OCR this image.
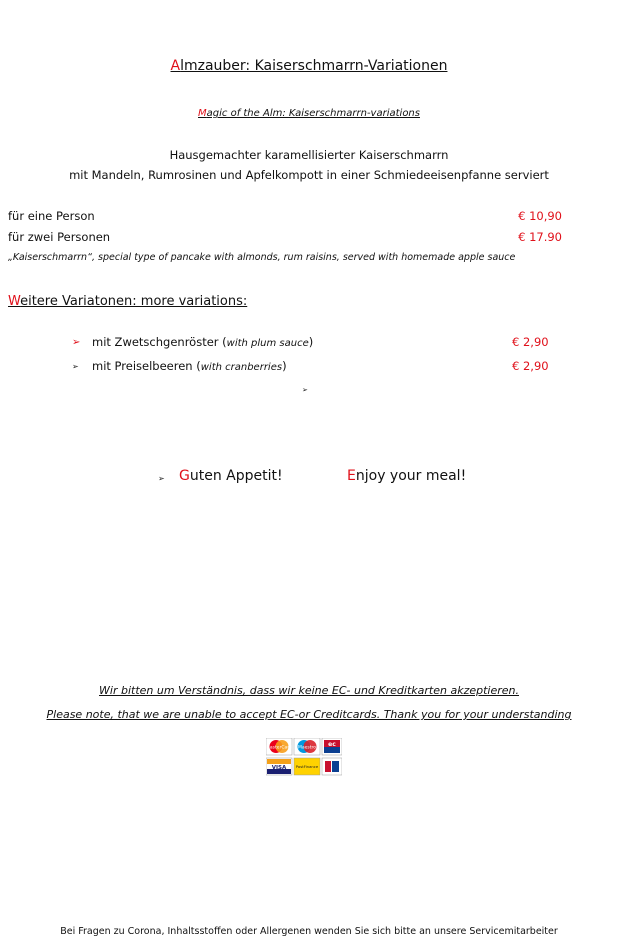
Almzauber: Kaiserschmarrn-Variationen
Magic of the Alm: Kaiserschmarrn-variations
Hausgemachter karamellisierter Kaiserschmarrn
mit Mandeln, Rumrosinen und Apfelkompott in einer Schmiedeeisenpfanne serviert
für eine Person	€ 10,90
für zwei Personen	€ 17.90
„Kaiserschmarrn“, special type of pancake with almonds, rum raisins, served with homemade apple sauce
Weitere Variatonen: more variations:
➢ mit Zwetschgenröster (with plum sauce)	€ 2,90
➢ mit Preiselbeeren (with cranberries)	€ 2,90
➢
➢ Guten Appetit!	Enjoy your meal!
Wir bitten um Verständnis, dass wir keine EC- und Kreditkarten akzeptieren.
Please note, that we are unable to accept EC-or Creditcards. Thank you for your understanding
MasterCard Maestro ec
VISA PostFinance
Bei Fragen zu Corona, Inhaltsstoffen oder Allergenen wenden Sie sich bitte an unsere Servicemitarbeiter
